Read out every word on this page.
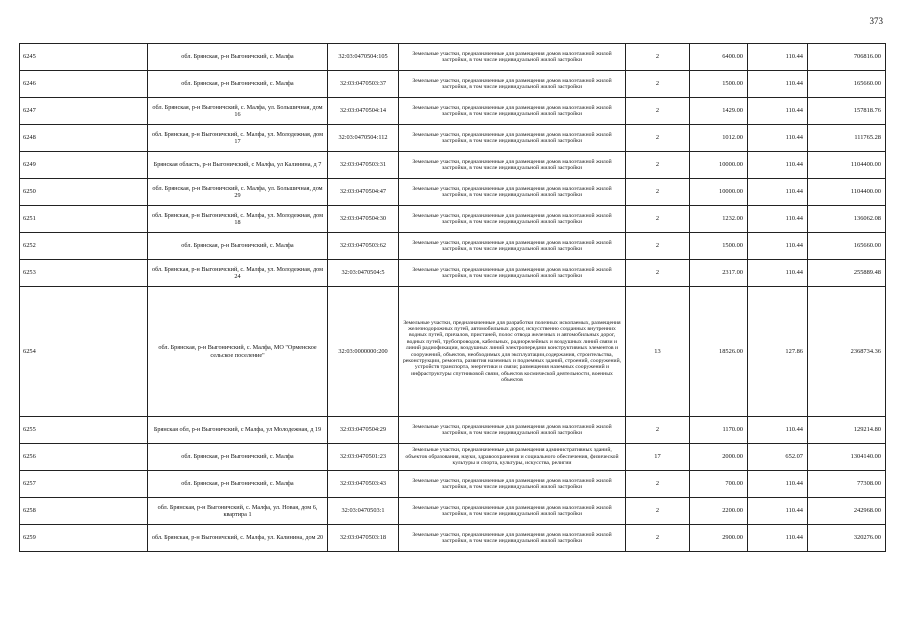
373
6245	обл. Брянская, р-н Выгоничский, с. Малфа	32:03:0470504:105	Земельные участки, предназначенные для размещения домов малоэтажной жилой застройки, в том числе индивидуальной жилой застройки	2	6400.00	110.44	706816.00
6246	обл. Брянская, р-н Выгоничский, с. Малфа	32:03:0470503:37	Земельные участки, предназначенные для размещения домов малоэтажной жилой застройки, в том числе индивидуальной жилой застройки	2	1500.00	110.44	165660.00
6247	обл. Брянская, р-н Выгоничский, с. Малфа, ул. Большичная, дом 16	32:03:0470504:14	Земельные участки, предназначенные для размещения домов малоэтажной жилой застройки, в том числе индивидуальной жилой застройки	2	1429.00	110.44	157818.76
6248	обл. Брянская, р-н Выгоничский, с. Малфа, ул. Молодежная, дом 17	32:03:0470504:112	Земельные участки, предназначенные для размещения домов малоэтажной жилой застройки, в том числе индивидуальной жилой застройки	2	1012.00	110.44	111765.28
6249	Брянская область, р-н Выгоничский, с Малфа, ул Калинина, д 7	32:03:0470503:31	Земельные участки, предназначенные для размещения домов малоэтажной жилой застройки, в том числе индивидуальной жилой застройки	2	10000.00	110.44	1104400.00
6250	обл. Брянская, р-н Выгоничский, с. Малфа, ул. Большичная, дом 29	32:03:0470504:47	Земельные участки, предназначенные для размещения домов малоэтажной жилой застройки, в том числе индивидуальной жилой застройки	2	10000.00	110.44	1104400.00
6251	обл. Брянская, р-н Выгоничский, с. Малфа, ул. Молодежная, дом 18	32:03:0470504:30	Земельные участки, предназначенные для размещения домов малоэтажной жилой застройки, в том числе индивидуальной жилой застройки	2	1232.00	110.44	136062.08
6252	обл. Брянская, р-н Выгоничский, с. Малфа	32:03:0470503:62	Земельные участки, предназначенные для размещения домов малоэтажной жилой застройки, в том числе индивидуальной жилой застройки	2	1500.00	110.44	165660.00
6253	обл. Брянская, р-н Выгоничский, с. Малфа, ул. Молодежная, дом 24	32:03:0470504:5	Земельные участки, предназначенные для размещения домов малоэтажной жилой застройки, в том числе индивидуальной жилой застройки	2	2317.00	110.44	255889.48
6254	обл. Брянская, р-н Выгоничский, с. Малфа, МО "Орменское сельское поселение"	32:03:0000000:200	Земельные участки, предназначенные для разработки полезных ископаемых, размещения железнодорожных путей, автомобильных дорог, искусственно созданных внутренних водных путей, причалов, пристаней, полос отвода железных и автомобильных дорог, водных путей, трубопроводов, кабельных, радиорелейных и воздушных линий связи и линий радиофикации, воздушных линий электропередачи конструктивных элементов и сооружений, объектов, необходимых для эксплуатации,содержания, строительства, реконструкции, ремонта, развития наземных и подземных зданий, строений, сооружений, устройств транспорта, энергетики и связи; размещения наземных сооружений и инфраструктуры спутниковой связи, объектов космической деятельности, военных объектов	13	18526.00	127.86	2368734.36
6255	Брянская обл, р-н Выгоничский, с Малфа, ул Молодежная, д 19	32:03:0470504:29	Земельные участки, предназначенные для размещения домов малоэтажной жилой застройки, в том числе индивидуальной жилой застройки	2	1170.00	110.44	129214.80
6256	обл. Брянская, р-н Выгоничский, с. Малфа	32:03:0470501:23	Земельные участки, предназначенные для размещения административных зданий, объектов образования, науки, здравоохранения и социального обеспечения, физической культуры и спорта, культуры, искусства, религии	17	2000.00	652.07	1304140.00
6257	обл. Брянская, р-н Выгоничский, с. Малфа	32:03:0470503:43	Земельные участки, предназначенные для размещения домов малоэтажной жилой застройки, в том числе индивидуальной жилой застройки	2	700.00	110.44	77308.00
6258	обл. Брянская, р-н Выгоничский, с. Малфа, ул. Новая, дом 6, квартира 1	32:03:0470503:1	Земельные участки, предназначенные для размещения домов малоэтажной жилой застройки, в том числе индивидуальной жилой застройки	2	2200.00	110.44	242968.00
6259	обл. Брянская, р-н Выгоничский, с. Малфа, ул. Калинина, дом 20	32:03:0470503:18	Земельные участки, предназначенные для размещения домов малоэтажной жилой застройки, в том числе индивидуальной жилой застройки	2	2900.00	110.44	320276.00
